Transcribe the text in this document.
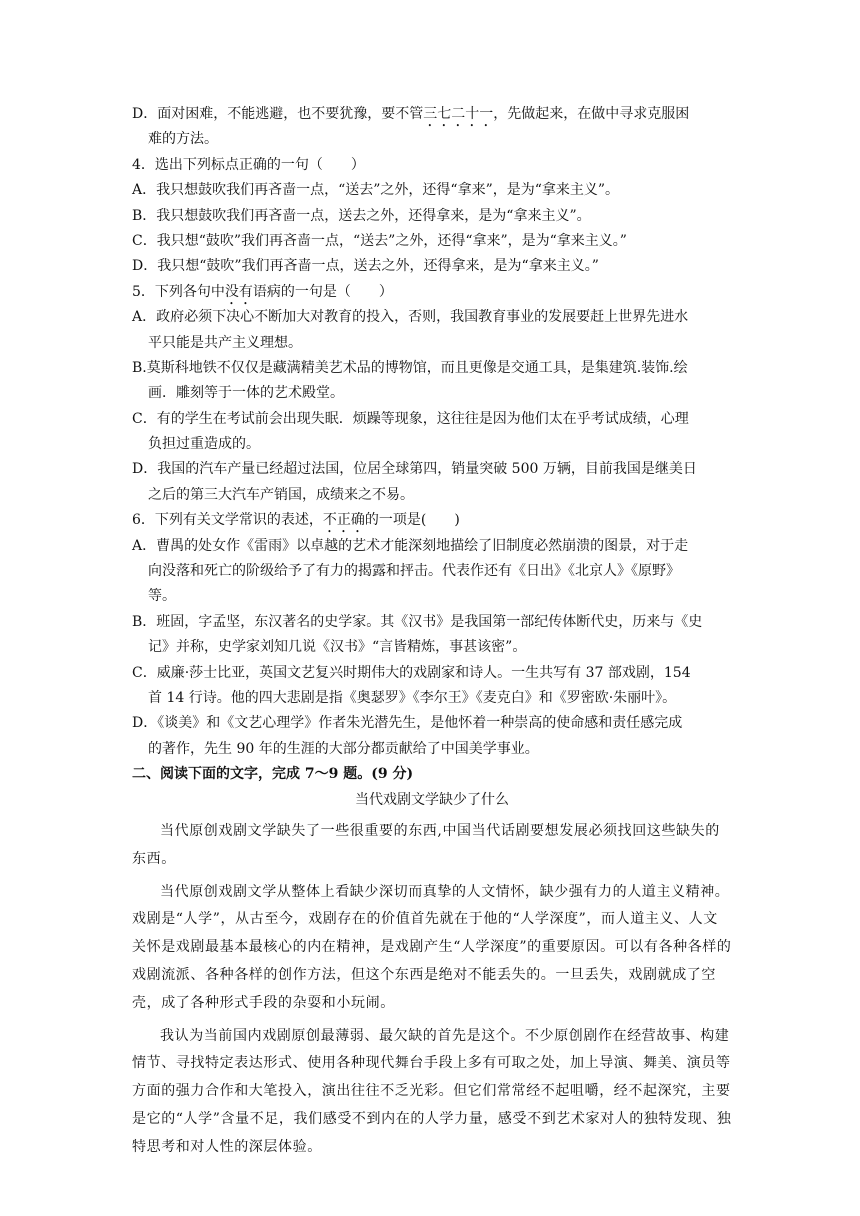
D．面对困难，不能逃避，也不要犹豫，要不管三七二十一，先做起来，在做中寻求克服困
难的方法。
4．选出下列标点正确的一句（　　）
A．我只想鼓吹我们再吝啬一点，“送去”之外，还得“拿来”，是为“拿来主义”。
B．我只想鼓吹我们再吝啬一点，送去之外，还得拿来，是为“拿来主义”。
C．我只想“鼓吹”我们再吝啬一点，“送去”之外，还得“拿来”，是为“拿来主义。”
D．我只想“鼓吹”我们再吝啬一点，送去之外，还得拿来，是为“拿来主义。”
5．下列各句中没有语病的一句是（　　）
A．政府必须下决心不断加大对教育的投入，否则，我国教育事业的发展要赶上世界先进水
平只能是共产主义理想。
B.莫斯科地铁不仅仅是藏满精美艺术品的博物馆，而且更像是交通工具，是集建筑.装饰.绘
画．雕刻等于一体的艺术殿堂。
C．有的学生在考试前会出现失眠．烦躁等现象，这往往是因为他们太在乎考试成绩，心理
负担过重造成的。
D．我国的汽车产量已经超过法国，位居全球第四，销量突破 500 万辆，目前我国是继美日
之后的第三大汽车产销国，成绩来之不易。
6．下列有关文学常识的表述，不正确的一项是(　　)
A．曹禺的处女作《雷雨》以卓越的艺术才能深刻地描绘了旧制度必然崩溃的图景，对于走
向没落和死亡的阶级给予了有力的揭露和抨击。代表作还有《日出》《北京人》《原野》
等。
B．班固，字孟坚，东汉著名的史学家。其《汉书》是我国第一部纪传体断代史，历来与《史
记》并称，史学家刘知几说《汉书》“言皆精炼，事甚该密”。
C．威廉·莎士比亚，英国文艺复兴时期伟大的戏剧家和诗人。一生共写有 37 部戏剧，154
首 14 行诗。他的四大悲剧是指《奥瑟罗》《李尔王》《麦克白》和《罗密欧·朱丽叶》。
D．《谈美》和《文艺心理学》作者朱光潜先生，是他怀着一种崇高的使命感和责任感完成
的著作，先生 90 年的生涯的大部分都贡献给了中国美学事业。
二、阅读下面的文字，完成 7～9 题。(9 分)
当代戏剧文学缺少了什么
当代原创戏剧文学缺失了一些很重要的东西,中国当代话剧要想发展必须找回这些缺失的东西。
当代原创戏剧文学从整体上看缺少深切而真挚的人文情怀，缺少强有力的人道主义精神。戏剧是“人学”，从古至今，戏剧存在的价值首先就在于他的“人学深度”，而人道主义、人文关怀是戏剧最基本最核心的内在精神，是戏剧产生“人学深度”的重要原因。可以有各种各样的戏剧流派、各种各样的创作方法，但这个东西是绝对不能丢失的。一旦丢失，戏剧就成了空壳，成了各种形式手段的杂耍和小玩闹。
我认为当前国内戏剧原创最薄弱、最欠缺的首先是这个。不少原创剧作在经营故事、构建情节、寻找特定表达形式、使用各种现代舞台手段上多有可取之处，加上导演、舞美、演员等方面的强力合作和大笔投入，演出往往不乏光彩。但它们常常经不起咀嚼，经不起深究，主要是它的“人学”含量不足，我们感受不到内在的人学力量，感受不到艺术家对人的独特发现、独特思考和对人性的深层体验。
